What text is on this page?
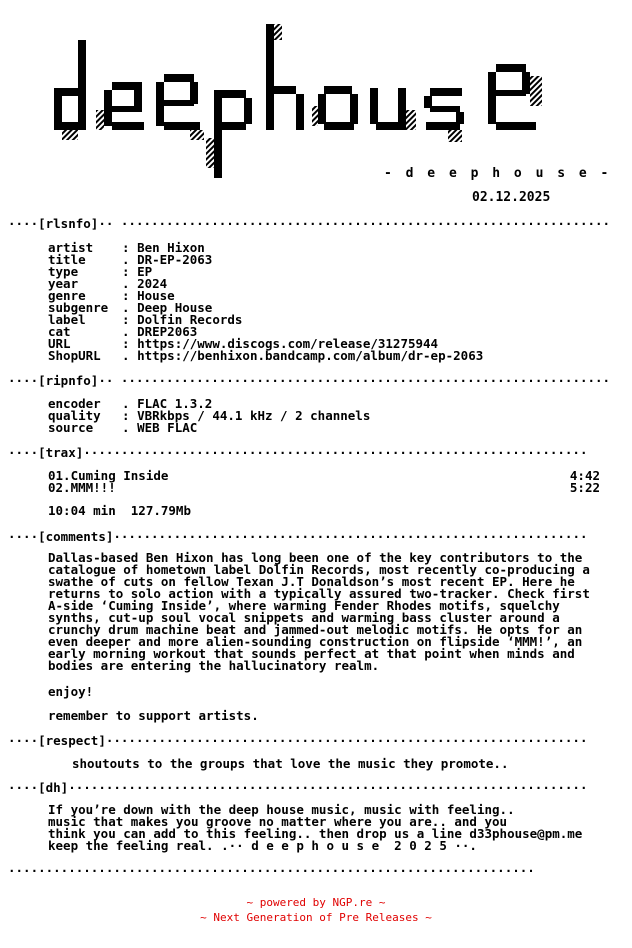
- d e e p h o u s e -
02.12.2025
····[rlsnfo]·· ·································································
artist : Ben Hixon
title	. DR-EP-2063
type	: EP
year	. 2024
genre	: House
subgenre . Deep House
label	: Dolfin Records
cat	. DREP2063
URL	: https://www.discogs.com/release/31275944
ShopURL . https://benhixon.bandcamp.com/album/dr-ep-2063
····[ripnfo]·· ·································································
encoder . FLAC 1.3.2
quality : VBRkbps / 44.1 kHz / 2 channels
source . WEB FLAC
····[trax]···································································
01.Cuming Inside	4:42
02.MMM!!!	5:22
10:04 min  127.79Mb
····[comments]·······························································
Dallas-based Ben Hixon has long been one of the key contributors to the
catalogue of hometown label Dolfin Records, most recently co-producing a
swathe of cuts on fellow Texan J.T Donaldson’s most recent EP. Here he
returns to solo action with a typically assured two-tracker. Check first
A-side ‘Cuming Inside’, where warming Fender Rhodes motifs, squelchy
synths, cut-up soul vocal snippets and warming bass cluster around a
crunchy drum machine beat and jammed-out melodic motifs. He opts for an
even deeper and more alien-sounding construction on flipside ‘MMM!’, an
early morning workout that sounds perfect at that point when minds and
bodies are entering the hallucinatory realm.
enjoy!
remember to support artists.
····[respect]································································
shoutouts to the groups that love the music they promote..
····[dh]·····································································
If you’re down with the deep house music, music with feeling..
music that makes you groove no matter where you are.. and you
think you can add to this feeling.. then drop us a line d33phouse@pm.me
keep the feeling real. .·· d e e p h o u s e  2 0 2 5 ··.
······································································
~ powered by NGP.re ~
~ Next Generation of Pre Releases ~
